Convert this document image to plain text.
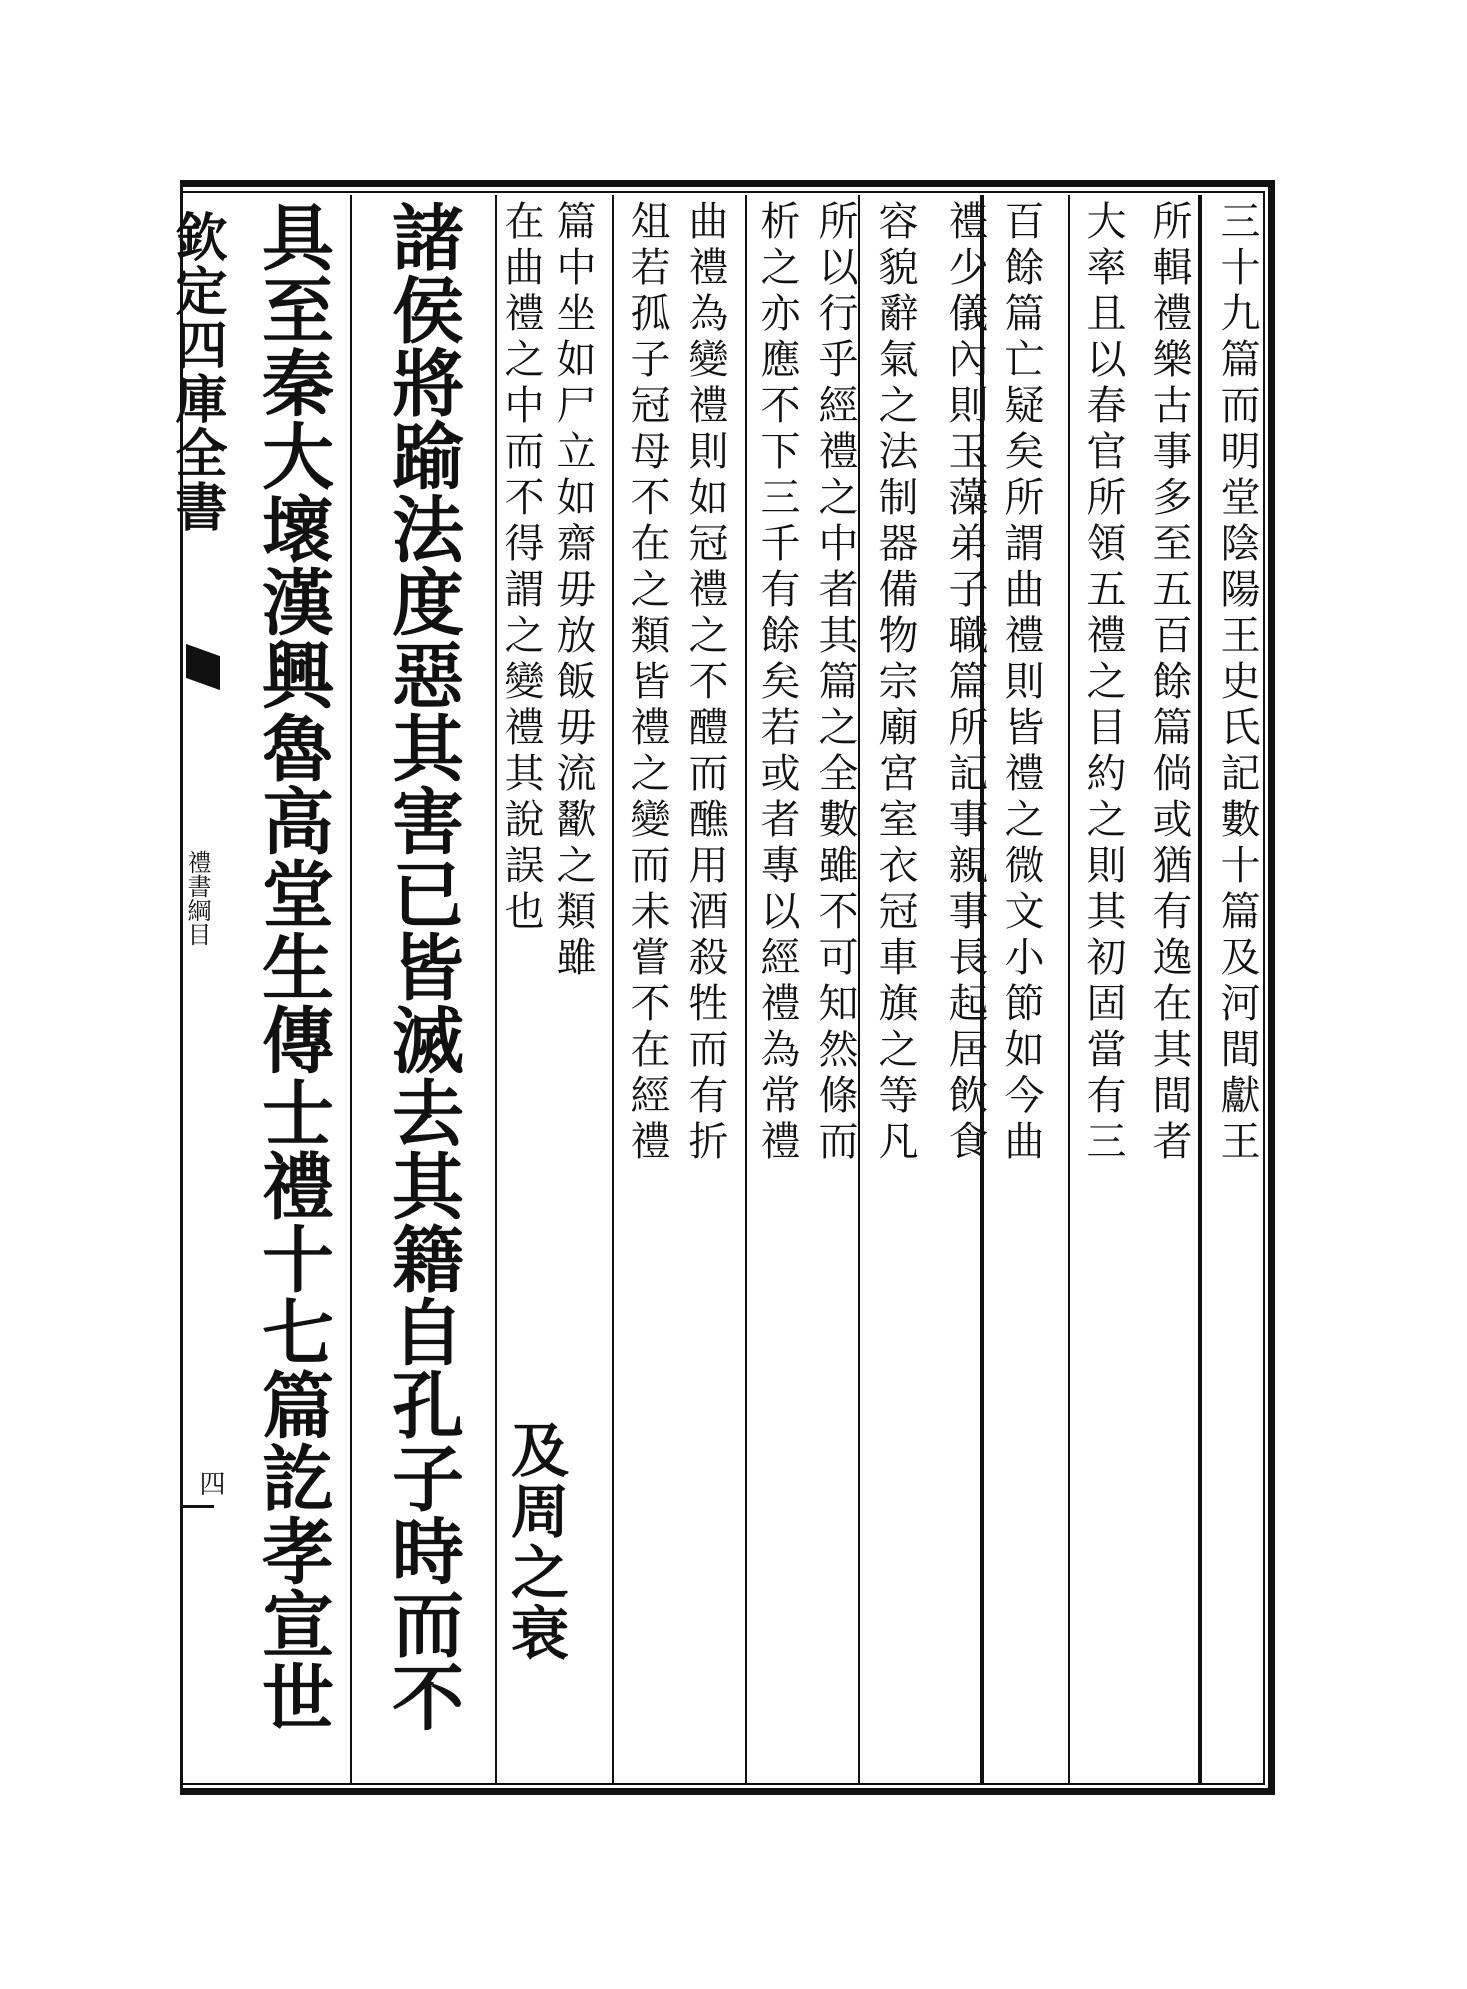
欽定四庫全書
禮書綱目
四
三十九篇而明堂陰陽王史氏記數十篇及河間獻王
所輯禮樂古事多至五百餘篇倘或猶有逸在其間者
大率且以春官所領五禮之目約之則其初固當有三
百餘篇亡疑矣所謂曲禮則皆禮之微文小節如今曲
禮少儀內則玉藻弟子職篇所記事親事長起居飲食
容貌辭氣之法制器備物宗廟宮室衣冠車旗之等凡
所以行乎經禮之中者其篇之全數雖不可知然條而
析之亦應不下三千有餘矣若或者專以經禮為常禮
曲禮為變禮則如冠禮之不醴而醮用酒殺牲而有折
俎若孤子冠母不在之類皆禮之變而未嘗不在經禮
篇中坐如尸立如齋毋放飯毋流歠之類雖
在曲禮之中而不得謂之變禮其說誤也
及周之衰
諸侯將踰法度惡其害已皆滅去其籍自孔子時而不
具至秦大壞漢興魯高堂生傳士禮十七篇訖孝宣世
